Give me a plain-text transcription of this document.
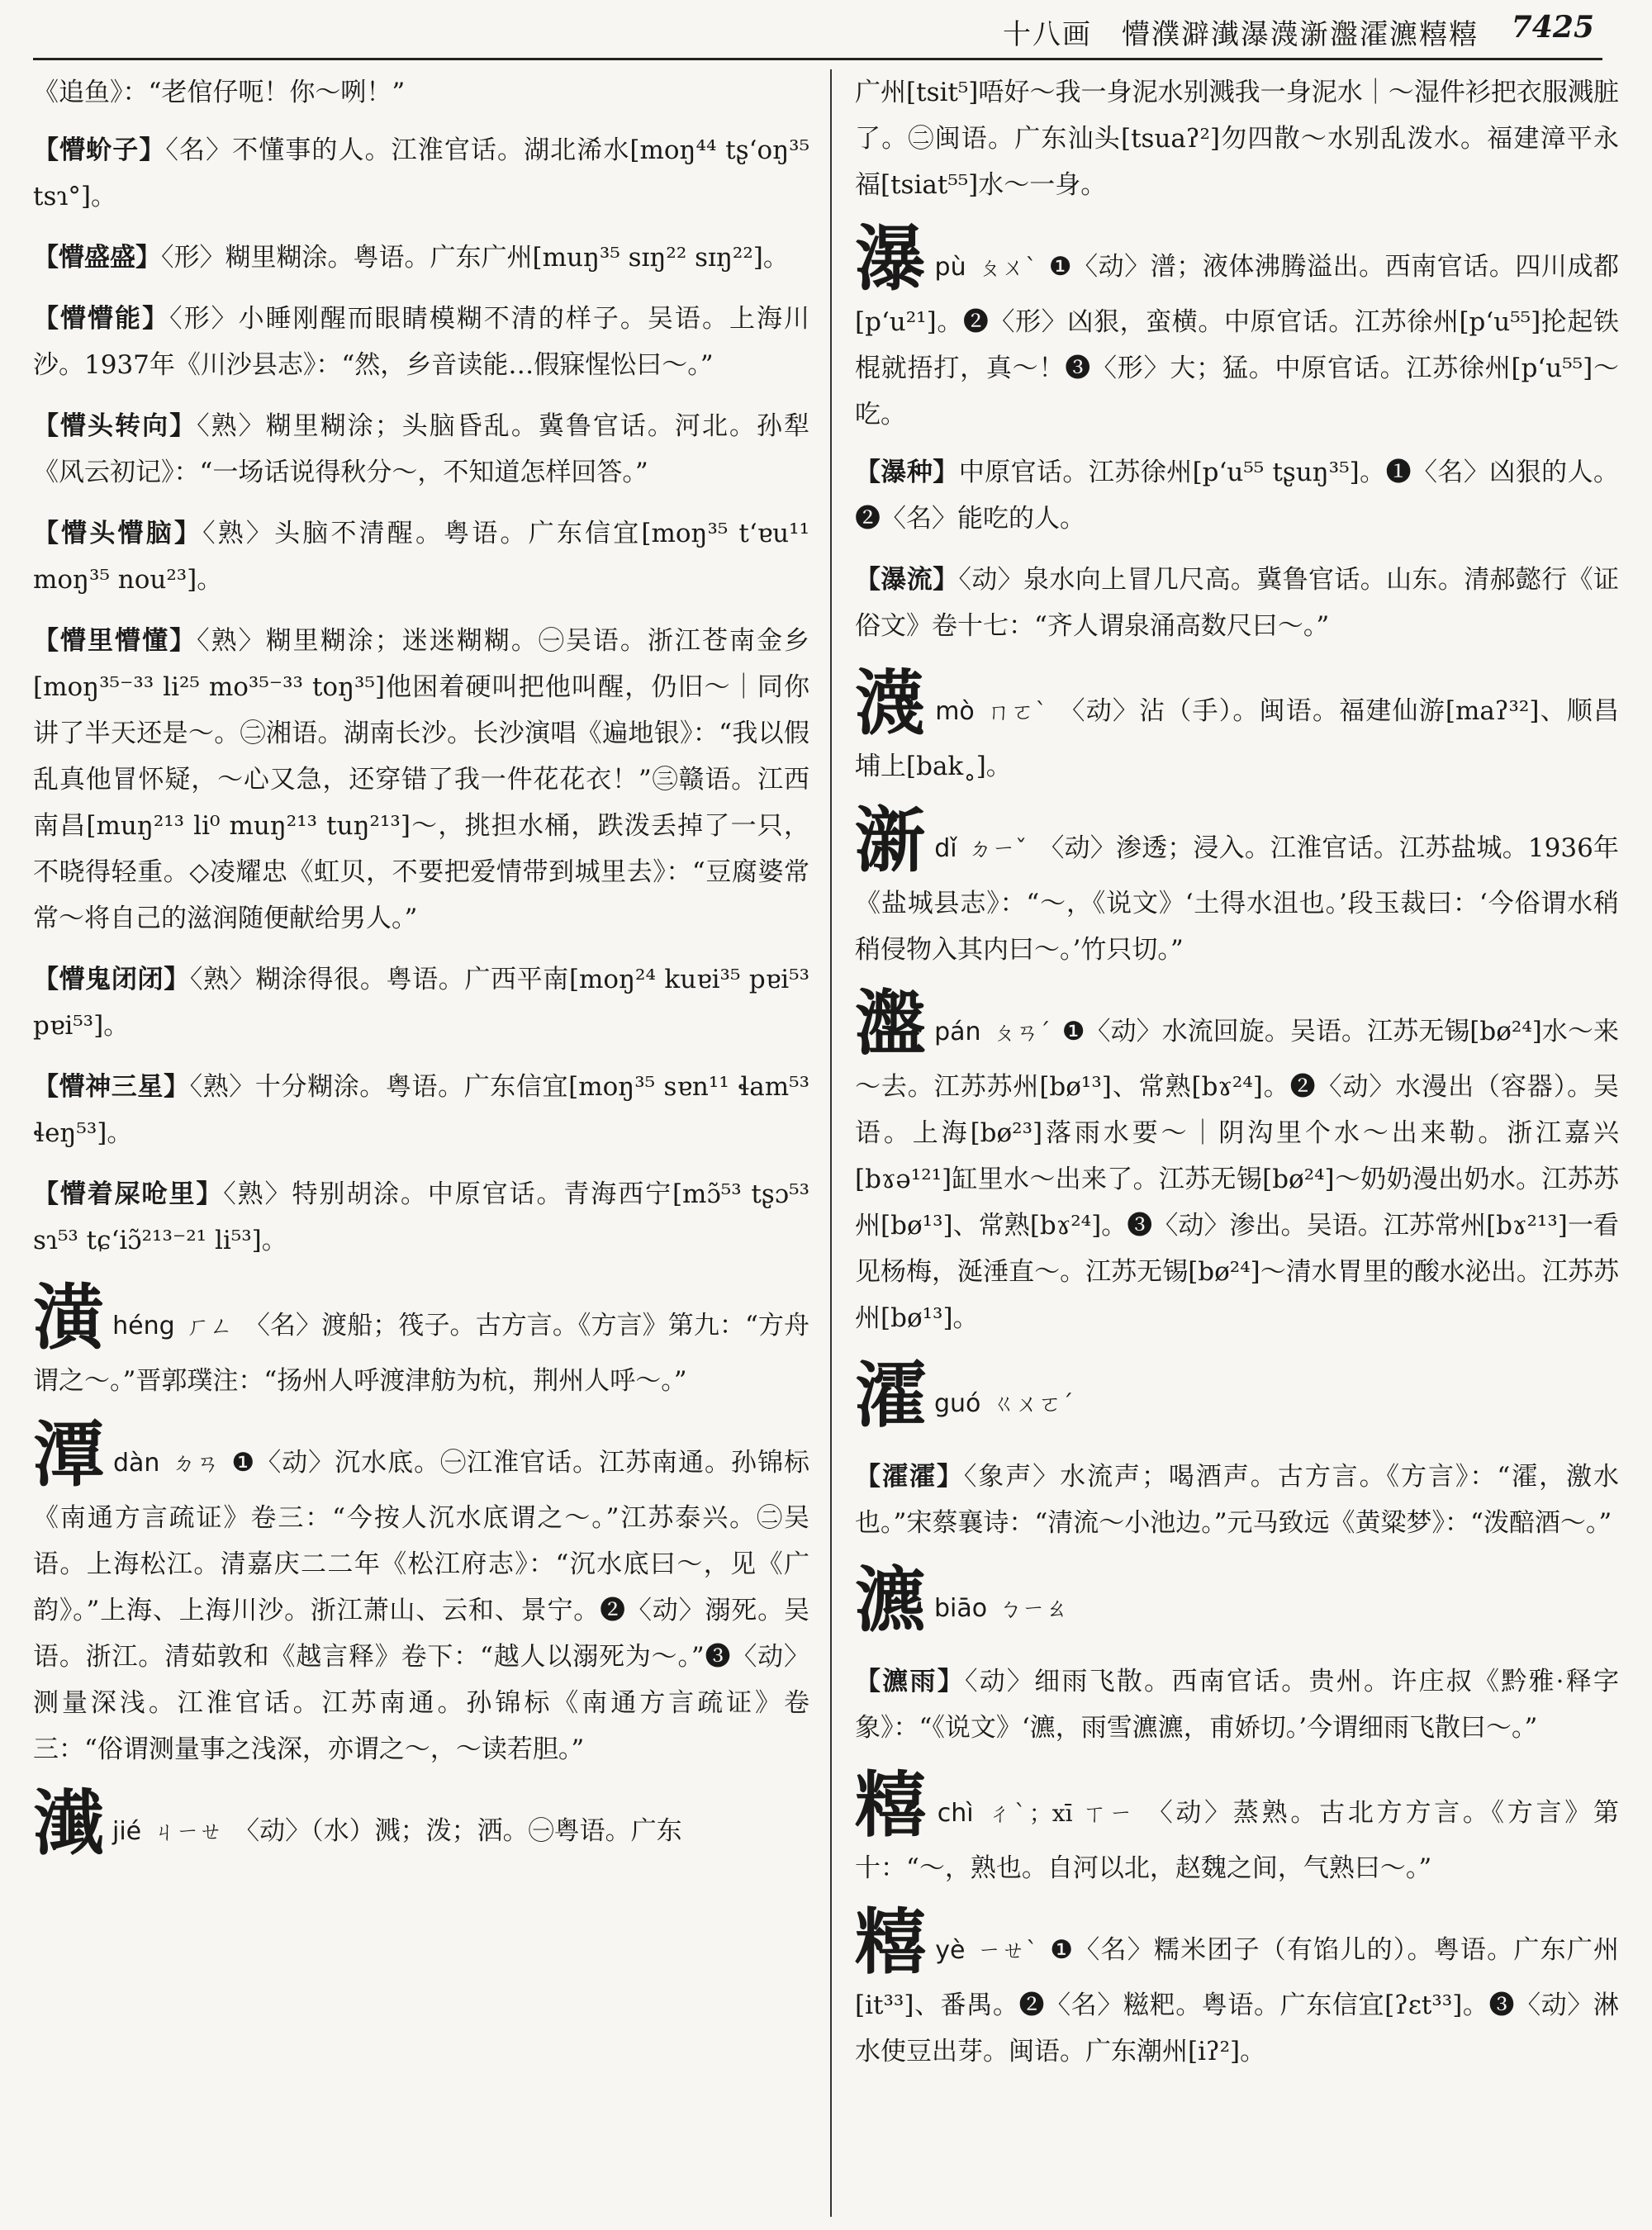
十八画　懵濮澼瀐瀑瀎澵瀊瀖瀌糦糦 7425

《追鱼》：“老倌仔呃！你～咧！”

【懵蚧子】〈名〉不懂事的人。江淮官话。湖北浠水[moŋ⁴⁴ tʂ‘oŋ³⁵ tsɿ°]。

【懵盛盛】〈形〉糊里糊涂。粤语。广东广州[muŋ³⁵ sɪŋ²² sɪŋ²²]。

【懵懵能】〈形〉小睡刚醒而眼睛模糊不清的样子。吴语。上海川沙。1937年《川沙县志》：“然，乡音读能…假寐惺忪曰～。”

【懵头转向】〈熟〉糊里糊涂；头脑昏乱。冀鲁官话。河北。孙犁《风云初记》：“一场话说得秋分～，不知道怎样回答。”

【懵头懵脑】〈熟〉头脑不清醒。粤语。广东信宜[moŋ³⁵ t‘ɐu¹¹ moŋ³⁵ nou²³]。

【懵里懵懂】〈熟〉糊里糊涂；迷迷糊糊。㊀吴语。浙江苍南金乡[moŋ³⁵⁻³³ li²⁵ mo³⁵⁻³³ toŋ³⁵]他困着硬叫把他叫醒，仍旧～｜同你讲了半天还是～。㊁湘语。湖南长沙。长沙演唱《遍地银》：“我以假乱真他冒怀疑，～心又急，还穿错了我一件花花衣！”㊂赣语。江西南昌[muŋ²¹³ li⁰ muŋ²¹³ tuŋ²¹³]～，挑担水桶，跌泼丢掉了一只，不晓得轻重。◇凌耀忠《虹贝，不要把爱情带到城里去》：“豆腐婆常常～将自己的滋润随便献给男人。”

【懵鬼闭闭】〈熟〉糊涂得很。粤语。广西平南[moŋ²⁴ kuɐi³⁵ pɐi⁵³ pɐi⁵³]。

【懵神三星】〈熟〉十分糊涂。粤语。广东信宜[moŋ³⁵ sɐn¹¹ ɬam⁵³ ɬeŋ⁵³]。

【懵着屎呛里】〈熟〉特别胡涂。中原官话。青海西宁[mɔ̃⁵³ tʂɔ⁵³ sɿ⁵³ tɕ‘iɔ̃²¹³⁻²¹ li⁵³]。

潢héng ㄏㄥ 〈名〉渡船；筏子。古方言。《方言》第九：“方舟谓之～。”晋郭璞注：“扬州人呼渡津舫为杭，荆州人呼～。”

潭dàn ㄉㄢ ❶〈动〉沉水底。㊀江淮官话。江苏南通。孙锦标《南通方言疏证》卷三：“今按人沉水底谓之～。”江苏泰兴。㊁吴语。上海松江。清嘉庆二二年《松江府志》：“沉水底曰～，见《广韵》。”上海、上海川沙。浙江萧山、云和、景宁。❷〈动〉溺死。吴语。浙江。清茹敦和《越言释》卷下：“越人以溺死为～。”❸〈动〉测量深浅。江淮官话。江苏南通。孙锦标《南通方言疏证》卷三：“俗谓测量事之浅深，亦谓之～，～读若胆。”

瀐jié ㄐㄧㄝ 〈动〉（水）溅；泼；洒。㊀粤语。广东

广州[tsit⁵]唔好～我一身泥水别溅我一身泥水｜～湿件衫把衣服溅脏了。㊁闽语。广东汕头[tsuaʔ²]勿四散～水别乱泼水。福建漳平永福[tsiat⁵⁵]水～一身。

瀑pù ㄆㄨˋ ❶〈动〉潽；液体沸腾溢出。西南官话。四川成都[p‘u²¹]。❷〈形〉凶狠，蛮横。中原官话。江苏徐州[p‘u⁵⁵]抡起铁棍就捂打，真～！❸〈形〉大；猛。中原官话。江苏徐州[p‘u⁵⁵]～吃。

【瀑种】中原官话。江苏徐州[p‘u⁵⁵ tʂuŋ³⁵]。❶〈名〉凶狠的人。❷〈名〉能吃的人。

【瀑流】〈动〉泉水向上冒几尺高。冀鲁官话。山东。清郝懿行《证俗文》卷十七：“齐人谓泉涌高数尺曰～。”

瀎mò ㄇㄛˋ 〈动〉沾（手）。闽语。福建仙游[maʔ³²]、顺昌埔上[bak˳]。

澵dǐ ㄉㄧˇ 〈动〉渗透；浸入。江淮官话。江苏盐城。1936年《盐城县志》：“～，《说文》‘土得水沮也。’段玉裁曰：‘今俗谓水稍稍侵物入其内曰～。’竹只切。”

瀊pán ㄆㄢˊ ❶〈动〉水流回旋。吴语。江苏无锡[bø²⁴]水～来～去。江苏苏州[bø¹³]、常熟[bɤ²⁴]。❷〈动〉水漫出（容器）。吴语。上海[bø²³]落雨水要～｜阴沟里个水～出来勒。浙江嘉兴[bɤə¹²¹]缸里水～出来了。江苏无锡[bø²⁴]～奶奶漫出奶水。江苏苏州[bø¹³]、常熟[bɤ²⁴]。❸〈动〉渗出。吴语。江苏常州[bɤ²¹³]一看见杨梅，涎涶直～。江苏无锡[bø²⁴]～清水胃里的酸水泌出。江苏苏州[bø¹³]。

瀖guó ㄍㄨㄛˊ

【瀖瀖】〈象声〉水流声；喝酒声。古方言。《方言》：“瀖，激水也。”宋蔡襄诗：“清流～小池边。”元马致远《黄粱梦》：“泼醅酒～。”

瀌biāo ㄅㄧㄠ

【瀌雨】〈动〉细雨飞散。西南官话。贵州。许庄叔《黔雅·释字象》：“《说文》‘瀌，雨雪瀌瀌，甫娇切。’今谓细雨飞散曰～。”

糦chì ㄔˋ；xī ㄒㄧ 〈动〉蒸熟。古北方方言。《方言》第十：“～，熟也。自河以北，赵魏之间，气熟曰～。”

糦yè ㄧㄝˋ ❶〈名〉糯米团子（有馅儿的）。粤语。广东广州[it³³]、番禺。❷〈名〉糍粑。粤语。广东信宜[ʔɛt³³]。❸〈动〉淋水使豆出芽。闽语。广东潮州[iʔ²]。
